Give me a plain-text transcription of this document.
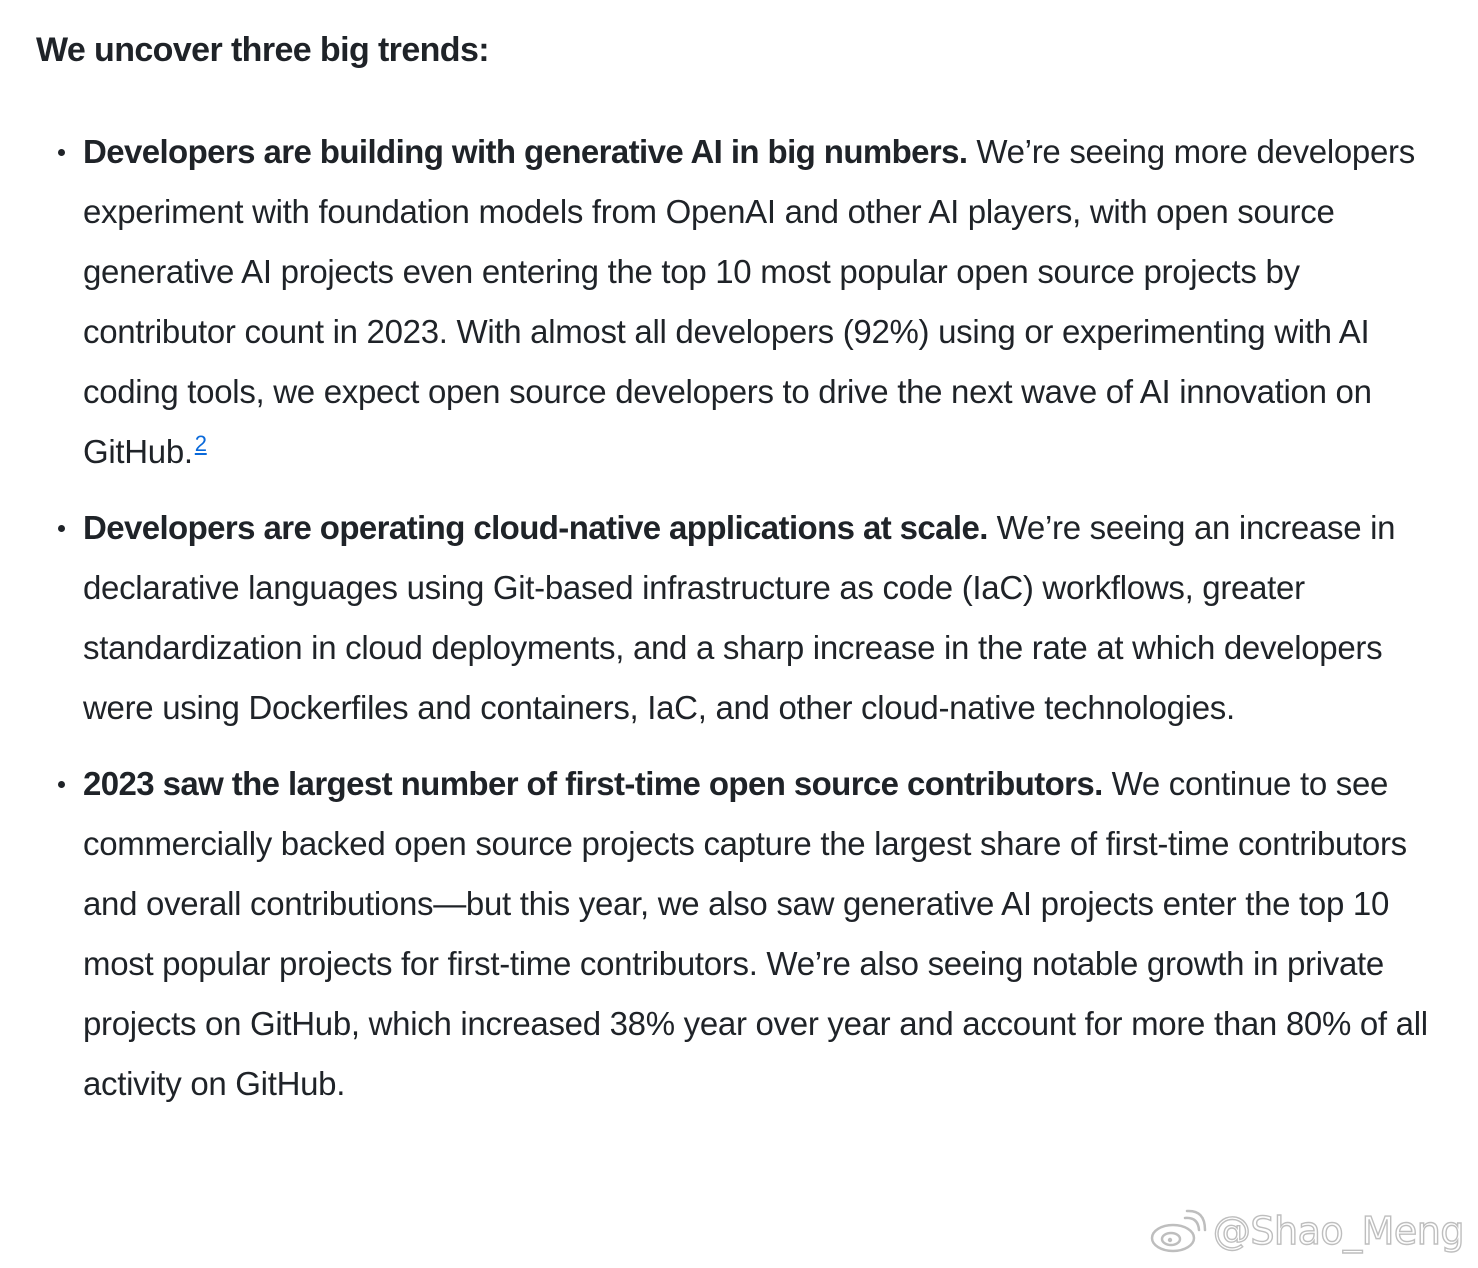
We uncover three big trends:
Developers are building with generative AI in big numbers. We’re seeing more developers experiment with foundation models from OpenAI and other AI players, with open source generative AI projects even entering the top 10 most popular open source projects by contributor count in 2023. With almost all developers (92%) using or experimenting with AI coding tools, we expect open source developers to drive the next wave of AI innovation on GitHub.$^2$
Developers are operating cloud-native applications at scale. We’re seeing an increase in declarative languages using Git-based infrastructure as code (IaC) workflows, greater standardization in cloud deployments, and a sharp increase in the rate at which developers were using Dockerfiles and containers, IaC, and other cloud-native technologies.
2023 saw the largest number of first-time open source contributors. We continue to see commercially backed open source projects capture the largest share of first-time contributors and overall contributions—but this year, we also saw generative AI projects enter the top 10 most popular projects for first-time contributors. We’re also seeing notable growth in private projects on GitHub, which increased 38% year over year and account for more than 80% of all activity on GitHub.
@Shao_Meng
